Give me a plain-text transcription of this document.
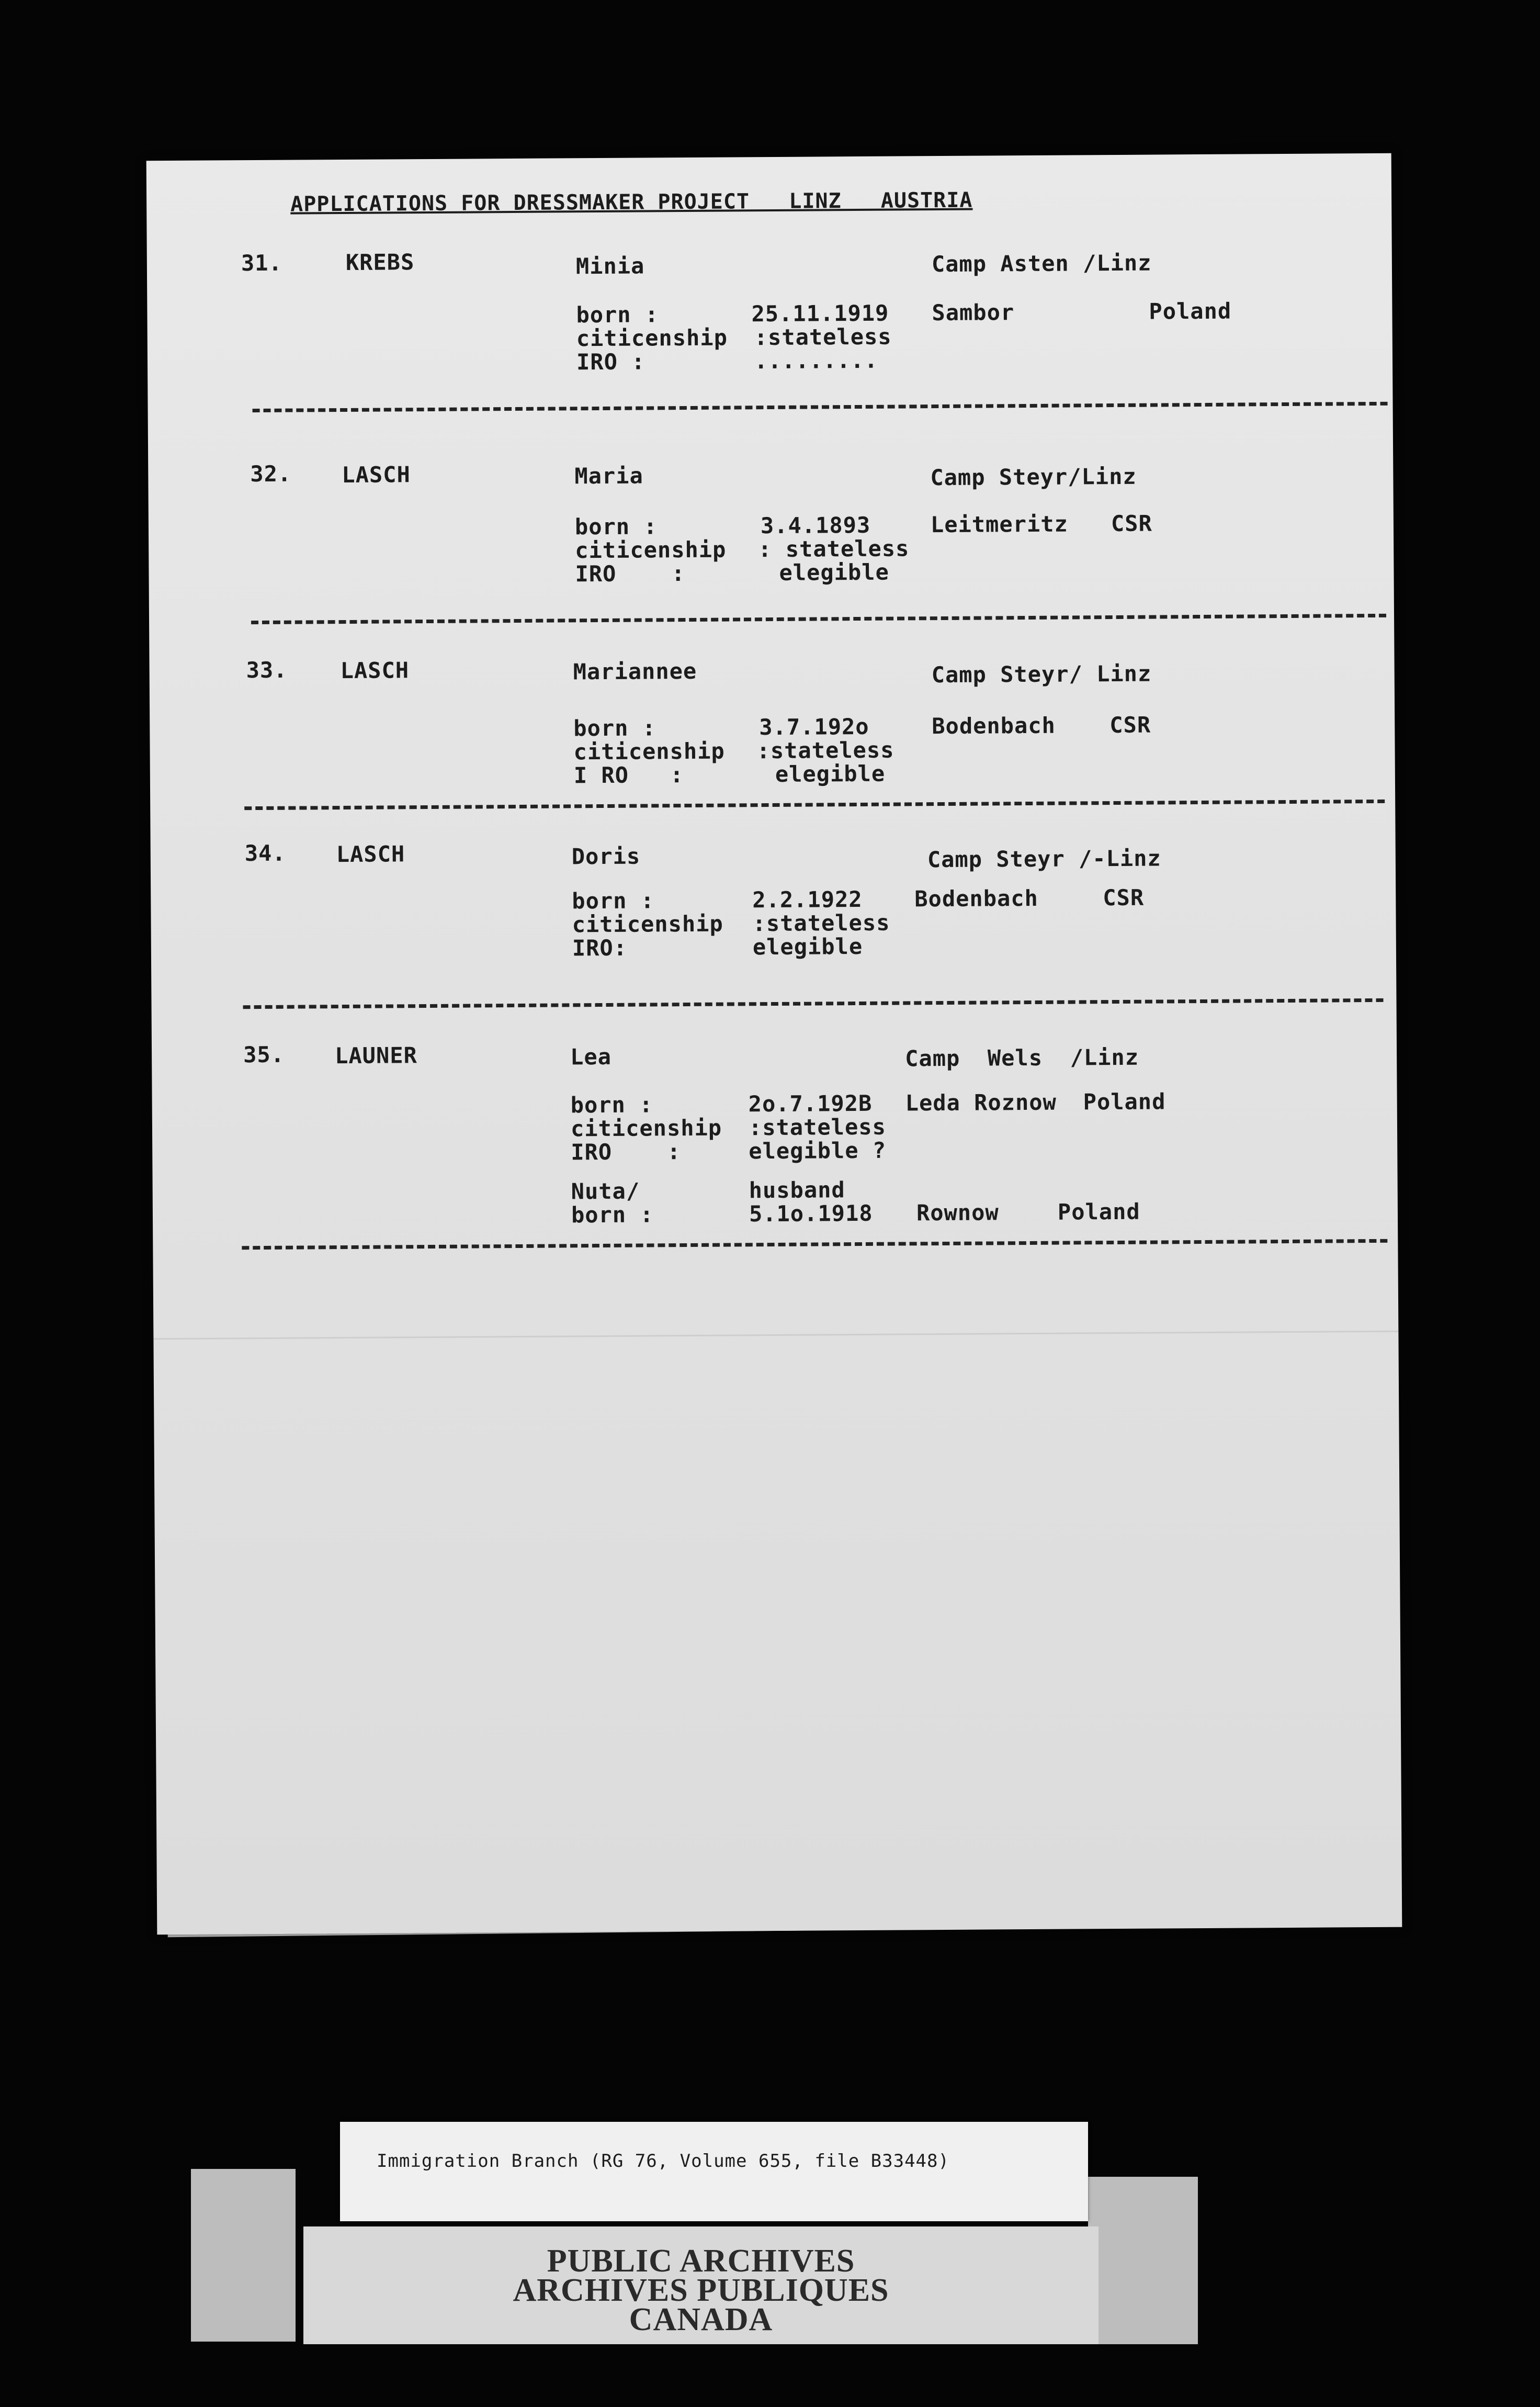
APPLICATIONS FOR DRESSMAKER PROJECT   LINZ   AUSTRIA
31.	KREBS	Minia	Camp Asten /Linz
born :	25.11.1919 Sambor	Poland
citicenship :stateless
IRO :	.........
32. LASCH	Maria	Camp Steyr/Linz
born :	3.4.1893	Leitmeritz CSR
citicenship : stateless
IRO    :	elegible
33. LASCH	Mariannee	Camp Steyr/ Linz
born :	3.7.192o	Bodenbach CSR
citicenship :stateless
I RO   :	elegible
34. LASCH	Doris	Camp Steyr /-Linz
born :	2.2.1922 Bodenbach	CSR
citicenship :stateless
IRO:	elegible
35. LAUNER	Lea	Camp  Wels  /Linz
born :	2o.7.192B Leda Roznow Poland
citicenship :stateless
IRO    :	elegible ?
Nuta/	husband
born :	5.1o.1918 Rownow	Poland
PUBLIC ARCHIVES
ARCHIVES PUBLIQUES
CANADA
Immigration Branch (RG 76, Volume 655, file B33448)
